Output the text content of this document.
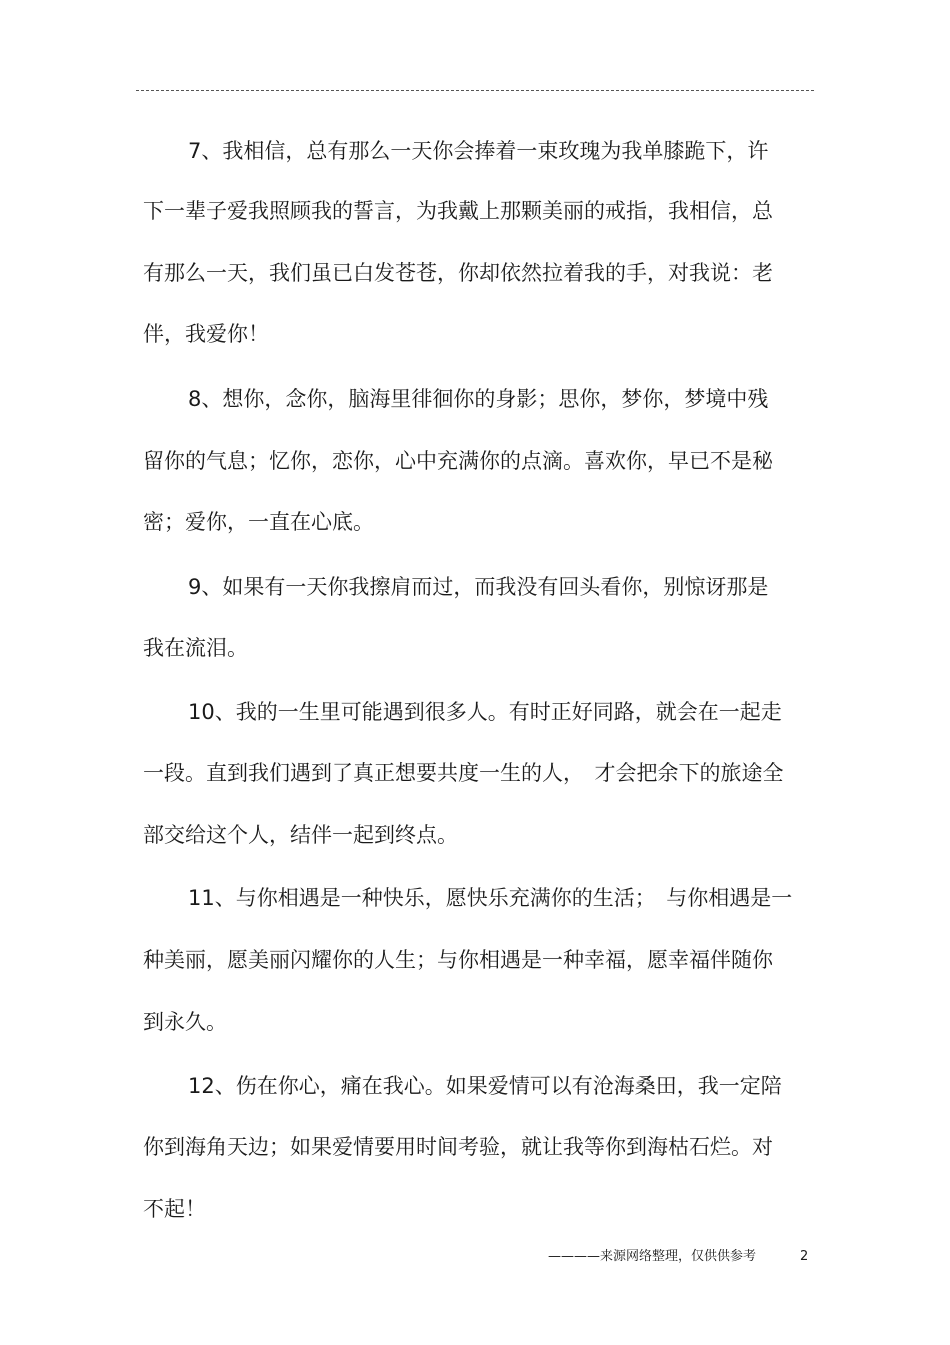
7、我相信，总有那么一天你会捧着一束玫瑰为我单膝跪下，许
下一辈子爱我照顾我的誓言，为我戴上那颗美丽的戒指，我相信，总
有那么一天，我们虽已白发苍苍，你却依然拉着我的手，对我说：老
伴，我爱你！
8、想你，念你，脑海里徘徊你的身影；思你，梦你，梦境中残
留你的气息；忆你，恋你，心中充满你的点滴。喜欢你，早已不是秘
密；爱你，一直在心底。
9、如果有一天你我擦肩而过，而我没有回头看你，别惊讶那是
我在流泪。
10、我的一生里可能遇到很多人。有时正好同路，就会在一起走
一段。直到我们遇到了真正想要共度一生的人，　才会把余下的旅途全
部交给这个人，结伴一起到终点。
11、与你相遇是一种快乐，愿快乐充满你的生活；　与你相遇是一
种美丽，愿美丽闪耀你的人生；与你相遇是一种幸福，愿幸福伴随你
到永久。
12、伤在你心，痛在我心。如果爱情可以有沧海桑田，我一定陪
你到海角天边；如果爱情要用时间考验，就让我等你到海枯石烂。对
不起！
————来源网络整理，仅供供参考	2
